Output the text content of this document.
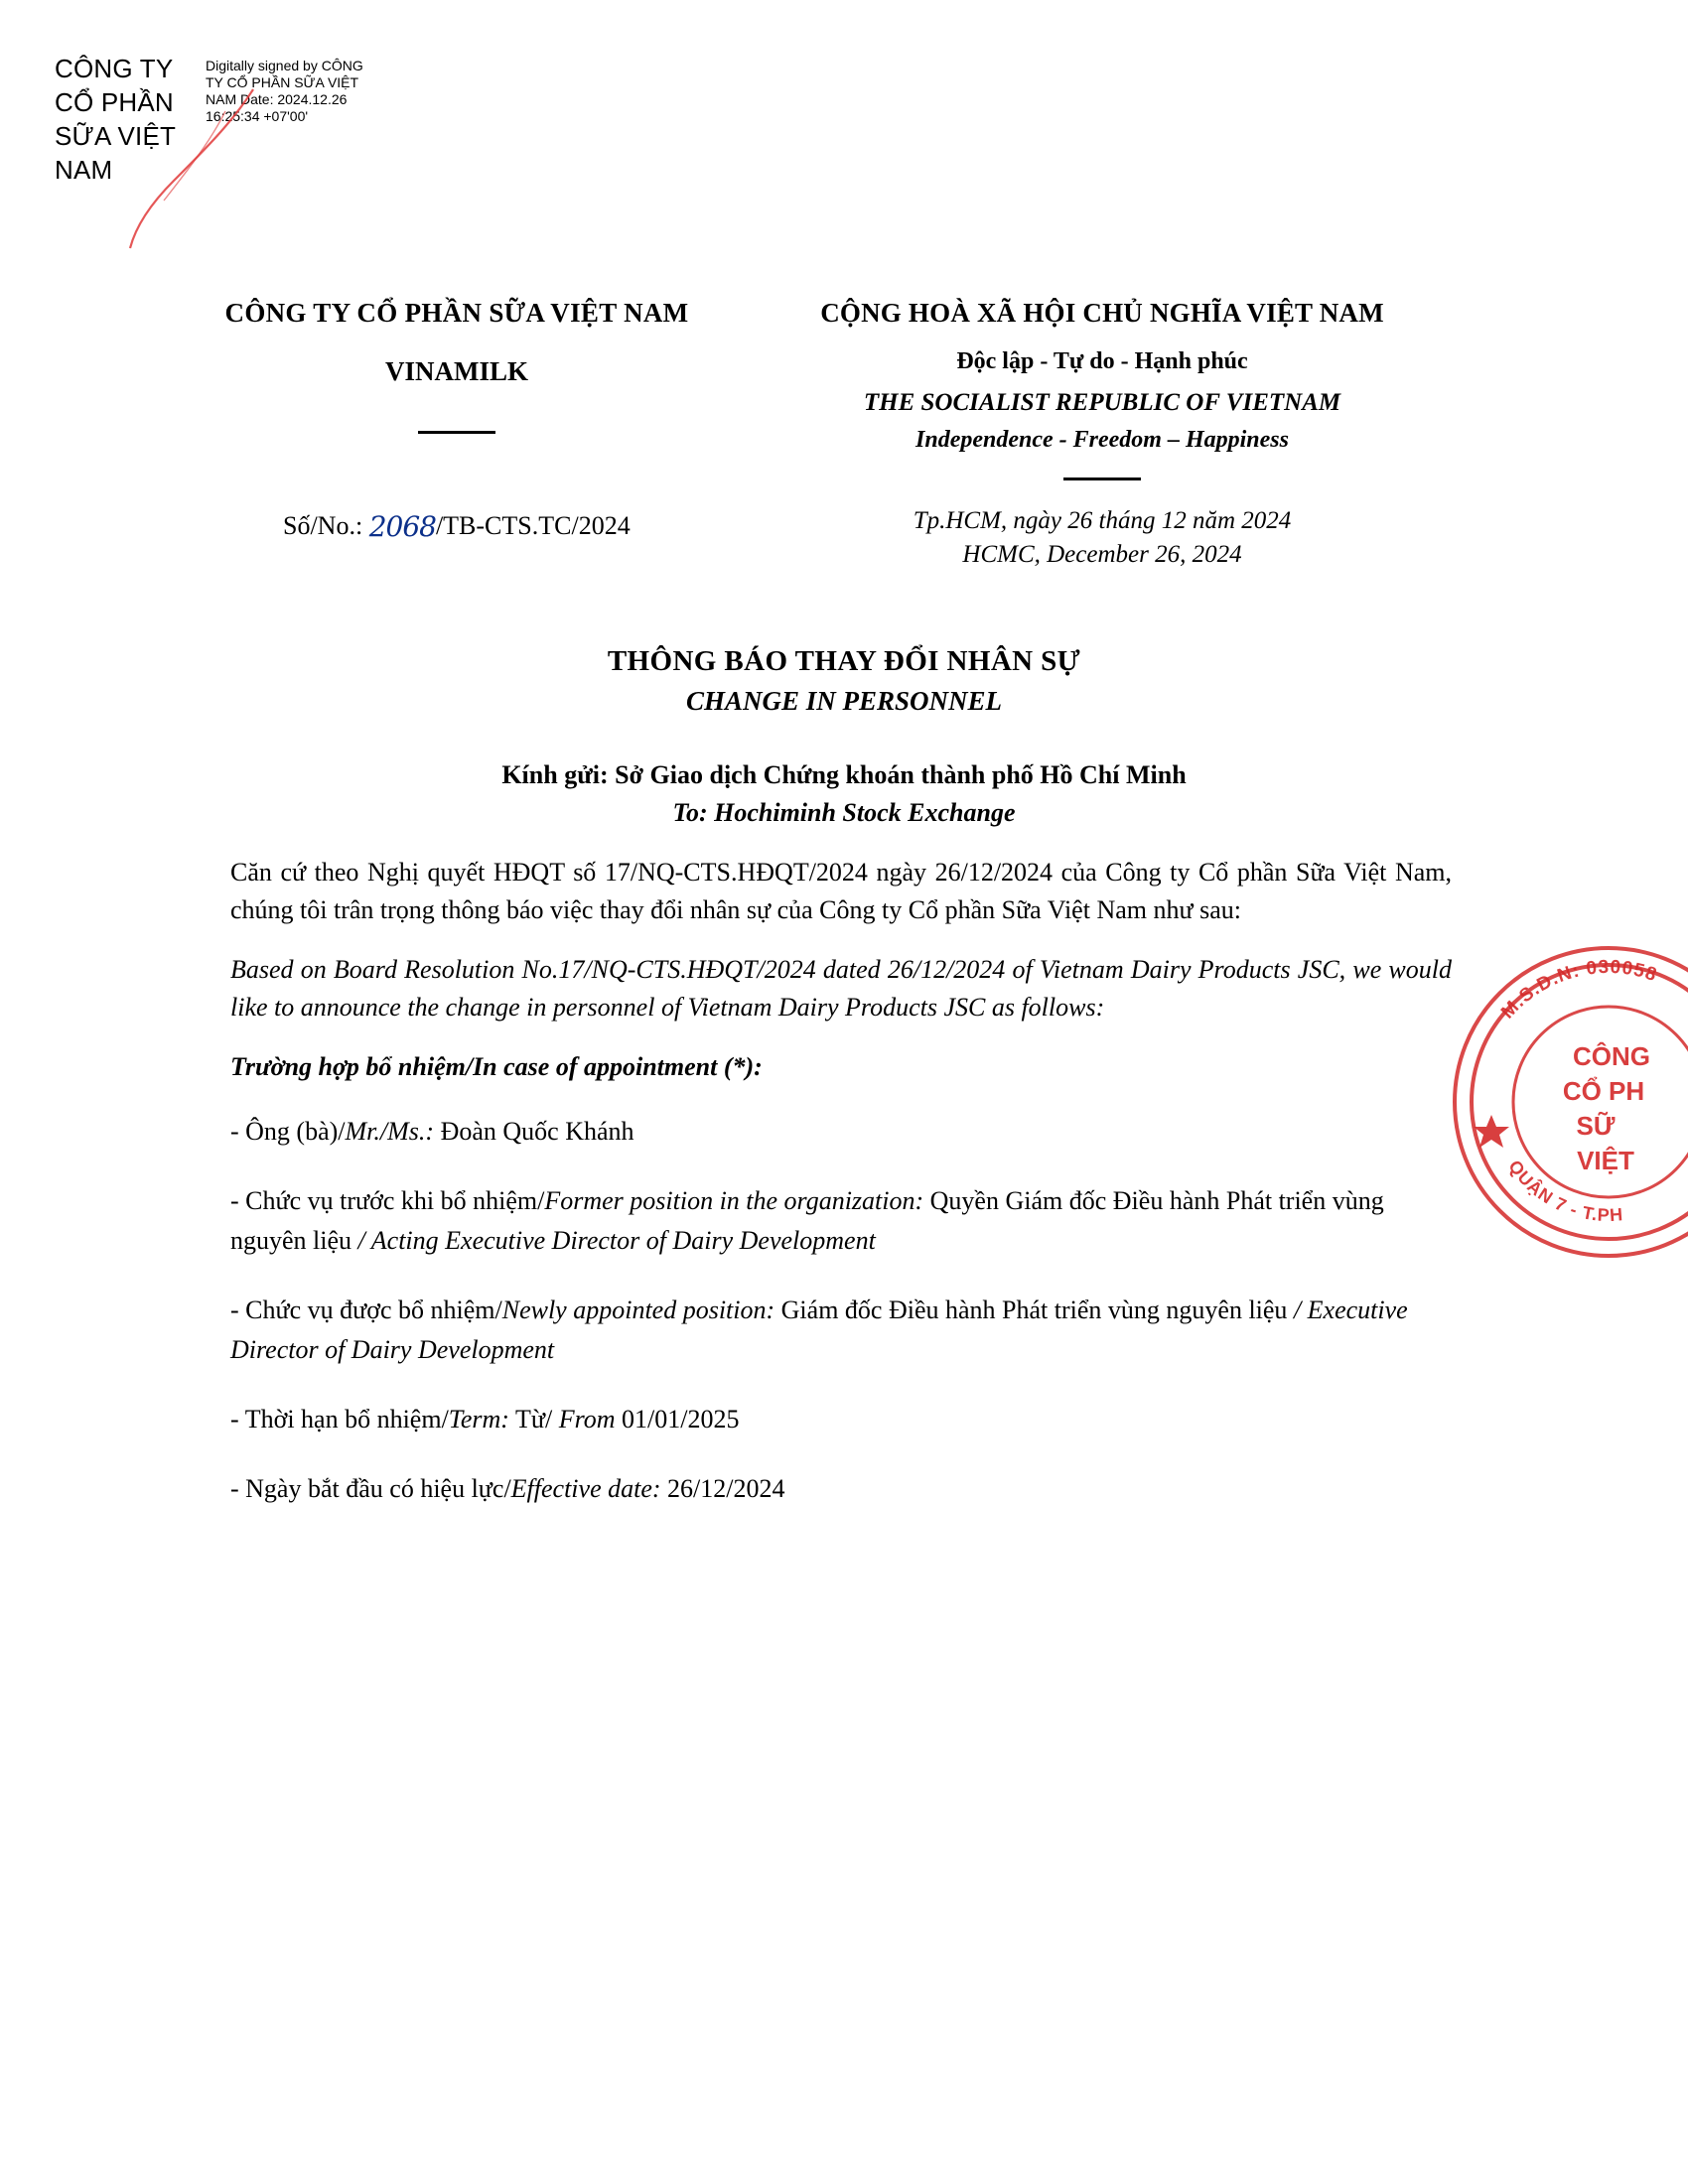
CÔNG TY CỔ PHẦN SỮA VIỆT NAM
Digitally signed by CÔNG TY CỔ PHẦN SỮA VIỆT NAM Date: 2024.12.26 16:25:34 +07'00'
CÔNG TY CỔ PHẦN SỮA VIỆT NAM
VINAMILK
CỘNG HOÀ XÃ HỘI CHỦ NGHĨA VIỆT NAM
Độc lập - Tự do - Hạnh phúc
THE SOCIALIST REPUBLIC OF VIETNAM
Independence - Freedom – Happiness
Số/No.: 2068/TB-CTS.TC/2024	Tp.HCM, ngày 26 tháng 12 năm 2024
HCMC, December 26, 2024
THÔNG BÁO THAY ĐỔI NHÂN SỰ
CHANGE IN PERSONNEL
Kính gửi: Sở Giao dịch Chứng khoán thành phố Hồ Chí Minh
To: Hochiminh Stock Exchange

Căn cứ theo Nghị quyết HĐQT số 17/NQ-CTS.HĐQT/2024 ngày 26/12/2024 của Công ty Cổ phần Sữa Việt Nam, chúng tôi trân trọng thông báo việc thay đổi nhân sự của Công ty Cổ phần Sữa Việt Nam như sau:

Based on Board Resolution No.17/NQ-CTS.HĐQT/2024 dated 26/12/2024 of Vietnam Dairy Products JSC, we would like to announce the change in personnel of Vietnam Dairy Products JSC as follows:

Trường hợp bổ nhiệm/In case of appointment (*):
- Ông (bà)/Mr./Ms.: Đoàn Quốc Khánh
- Chức vụ trước khi bổ nhiệm/Former position in the organization: Quyền Giám đốc Điều hành Phát triển vùng nguyên liệu / Acting Executive Director of Dairy Development
- Chức vụ được bổ nhiệm/Newly appointed position: Giám đốc Điều hành Phát triển vùng nguyên liệu / Executive Director of Dairy Development
- Thời hạn bổ nhiệm/Term: Từ/ From 01/01/2025
- Ngày bắt đầu có hiệu lực/Effective date: 26/12/2024
M.S.D.N: 030058
QUẬN 7 - T.PH
CÔNG
CỔ PH
SỮ
VIỆT
